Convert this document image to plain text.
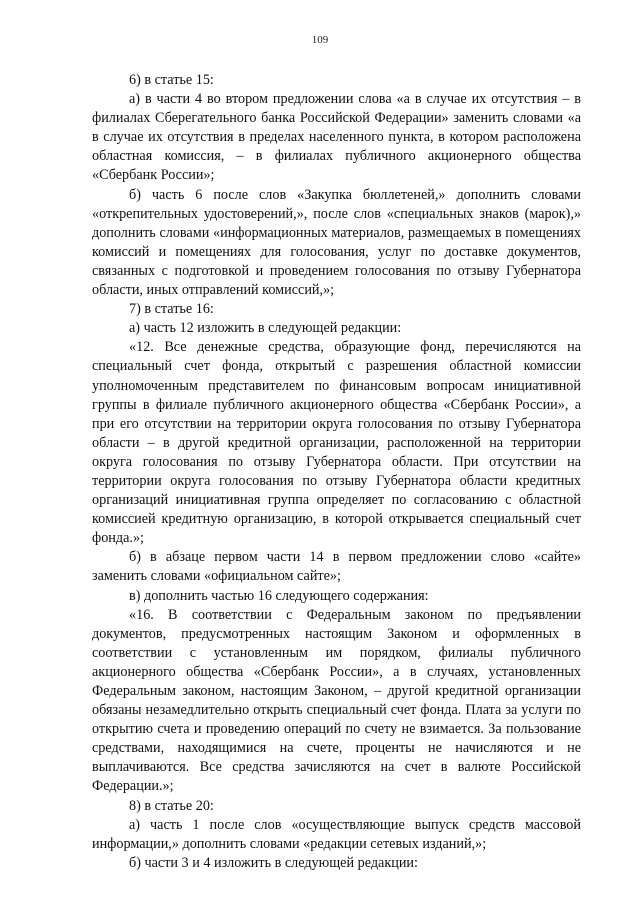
109

6) в статье 15:

а) в части 4 во втором предложении слова «а в случае их отсутствия – в филиалах Сберегательного банка Российской Федерации» заменить словами «а в случае их отсутствия в пределах населенного пункта, в котором расположена областная комиссия, – в филиалах публичного акционерного общества «Сбербанк России»;

б) часть 6 после слов «Закупка бюллетеней,» дополнить словами «открепительных удостоверений,», после слов «специальных знаков (марок),» дополнить словами «информационных материалов, размещаемых в помещениях комиссий и помещениях для голосования, услуг по доставке документов, связанных с подготовкой и проведением голосования по отзыву Губернатора области, иных отправлений комиссий,»;

7) в статье 16:

а) часть 12 изложить в следующей редакции:

«12. Все денежные средства, образующие фонд, перечисляются на специальный счет фонда, открытый с разрешения областной комиссии уполномоченным представителем по финансовым вопросам инициативной группы в филиале публичного акционерного общества «Сбербанк России», а при его отсутствии на территории округа голосования по отзыву Губернатора области – в другой кредитной организации, расположенной на территории округа голосования по отзыву Губернатора области. При отсутствии на территории округа голосования по отзыву Губернатора области кредитных организаций инициативная группа определяет по согласованию с областной комиссией кредитную организацию, в которой открывается специальный счет фонда.»;

б) в абзаце первом части 14 в первом предложении слово «сайте» заменить словами «официальном сайте»;

в) дополнить частью 16 следующего содержания:

«16. В соответствии с Федеральным законом по предъявлении документов, предусмотренных настоящим Законом и оформленных в соответствии с установленным им порядком, филиалы публичного акционерного общества «Сбербанк России», а в случаях, установленных Федеральным законом, настоящим Законом, – другой кредитной организации обязаны незамедлительно открыть специальный счет фонда. Плата за услуги по открытию счета и проведению операций по счету не взимается. За пользование средствами, находящимися на счете, проценты не начисляются и не выплачиваются. Все средства зачисляются на счет в валюте Российской Федерации.»;

8) в статье 20:

а) часть 1 после слов «осуществляющие выпуск средств массовой информации,» дополнить словами «редакции сетевых изданий,»;

б) части 3 и 4 изложить в следующей редакции:
